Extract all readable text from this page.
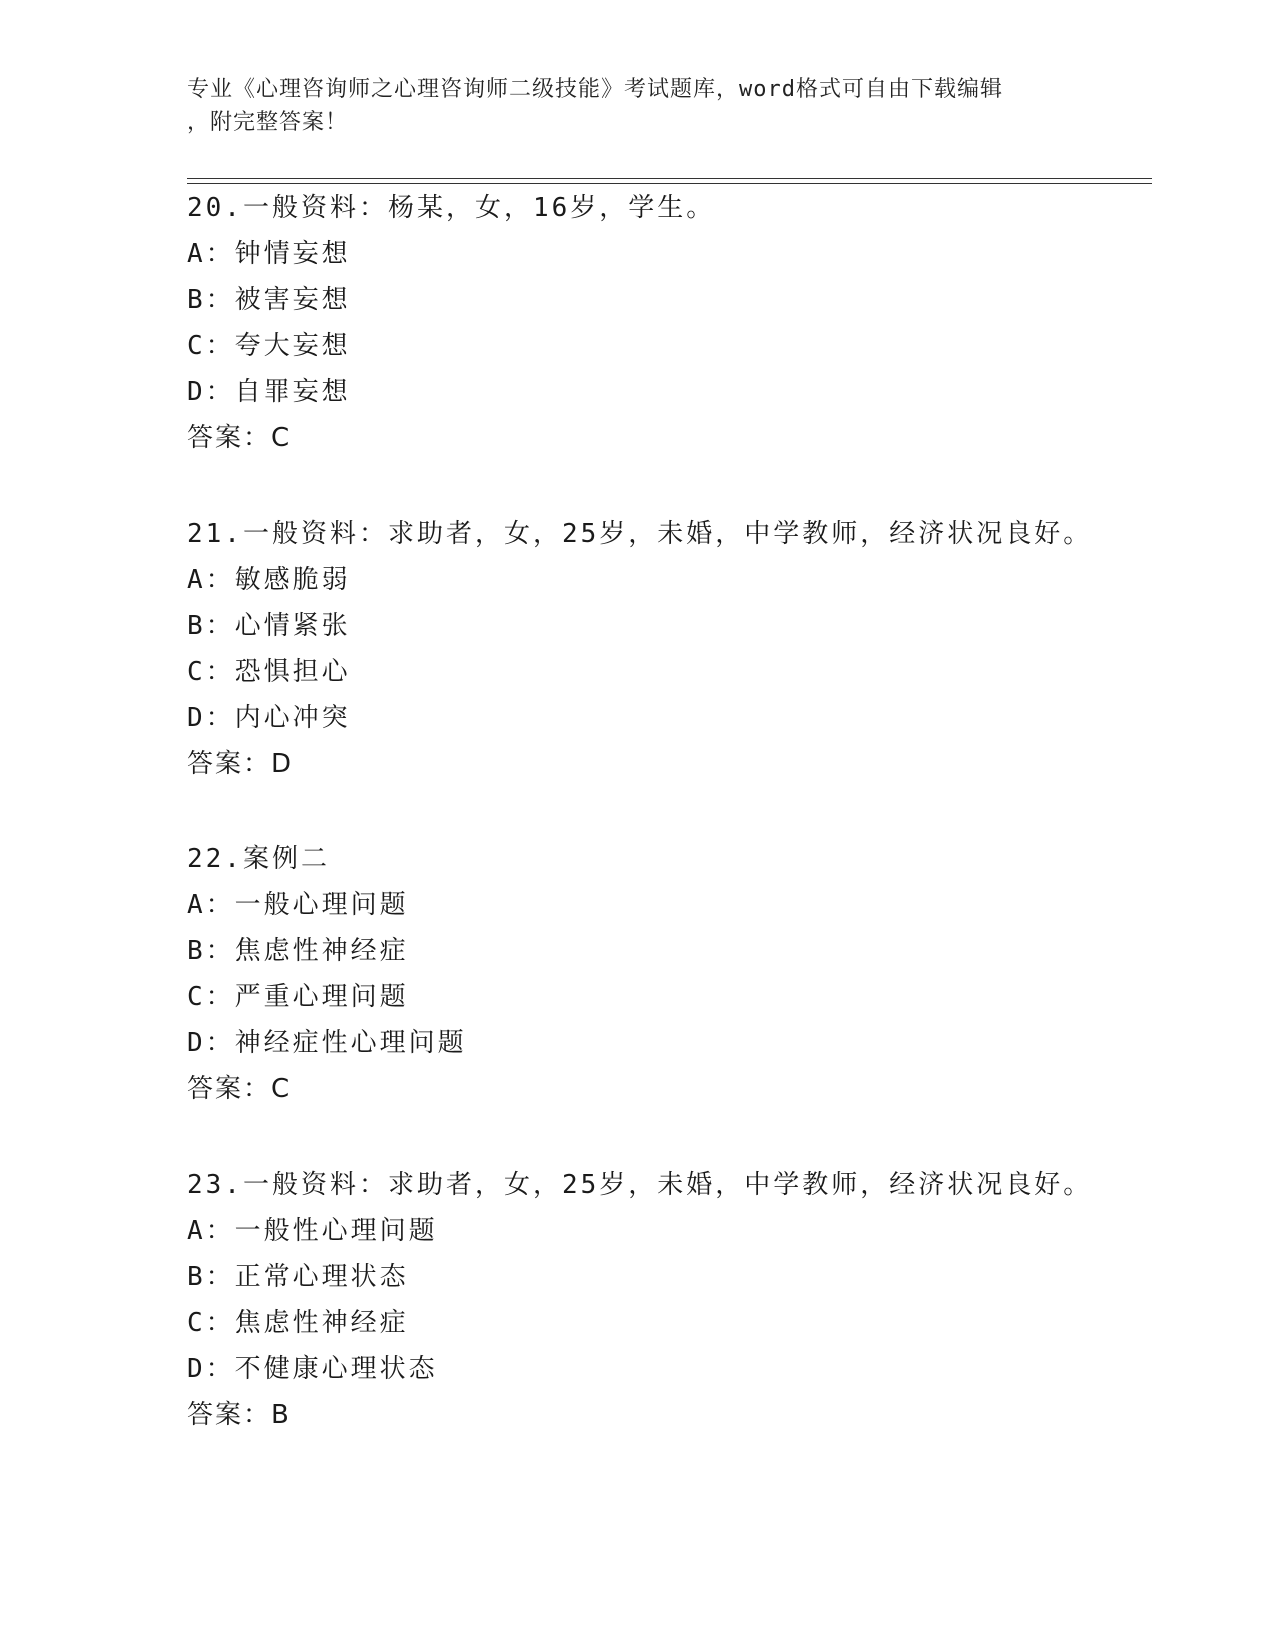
专业《心理咨询师之心理咨询师二级技能》考试题库，word格式可自由下载编辑
，附完整答案！
20.一般资料：杨某，女，16岁，学生。
A：钟情妄想
B：被害妄想
C：夸大妄想
D：自罪妄想
答案：C
21.一般资料：求助者，女，25岁，未婚，中学教师，经济状况良好。
A：敏感脆弱
B：心情紧张
C：恐惧担心
D：内心冲突
答案：D
22.案例二
A：一般心理问题
B：焦虑性神经症
C：严重心理问题
D：神经症性心理问题
答案：C
23.一般资料：求助者，女，25岁，未婚，中学教师，经济状况良好。
A：一般性心理问题
B：正常心理状态
C：焦虑性神经症
D：不健康心理状态
答案：B
